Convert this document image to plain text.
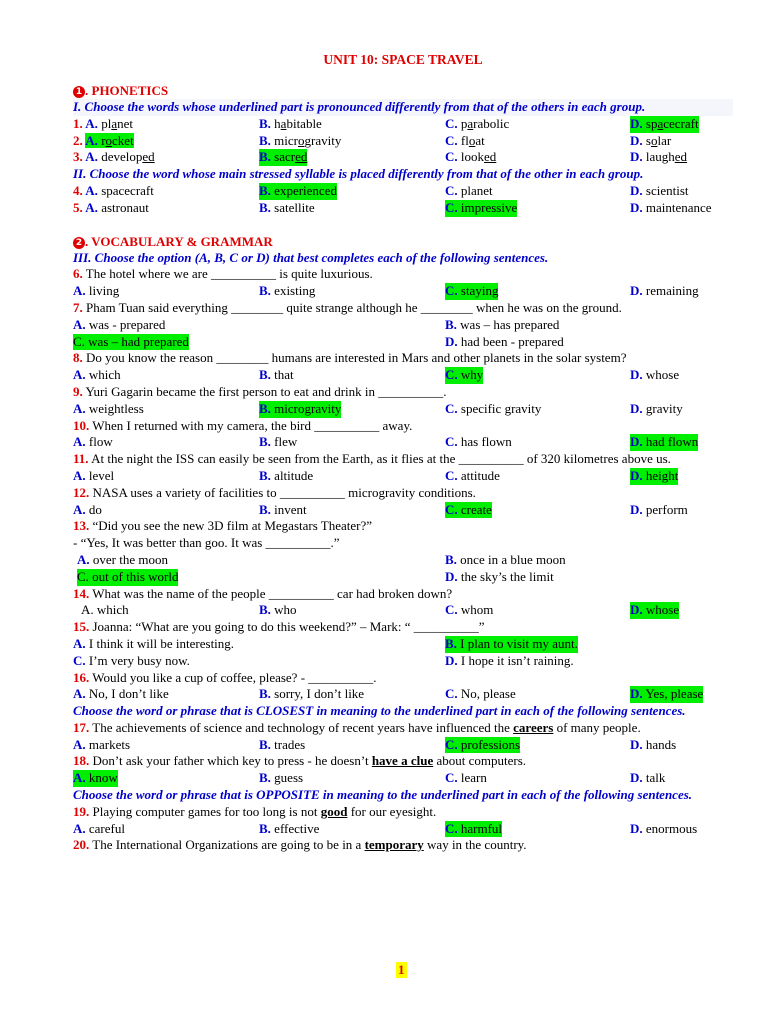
UNIT 10: SPACE TRAVEL
1 . PHONETICS
I. Choose the words whose underlined part is pronounced differently from that of the others in each group.
1. A. planet	B. habitable	C. parabolic	D. spacecraft
2. A. rocket	B. microgravity	C. float	D. solar
3. A. developed	B. sacred	C. looked	D. laughed
II. Choose the word whose main stressed syllable is placed differently from that of the other in each group.
4. A. spacecraft	B. experienced	C. planet	D. scientist
5. A. astronaut	B. satellite	C. impressive	D. maintenance
2 . VOCABULARY & GRAMMAR
III. Choose the option (A, B, C or D) that best completes each of the following sentences.
6. The hotel where we are __________ is quite luxurious.
A. living	B. existing	C. staying	D. remaining
7. Pham Tuan said everything ________ quite strange although he ________ when he was on the ground.
A. was - prepared	B. was – has prepared
C. was – had prepared	D. had been - prepared
8. Do you know the reason ________ humans are interested in Mars and other planets in the solar system?
A. which	B. that	C. why	D. whose
9. Yuri Gagarin became the first person to eat and drink in __________.
A. weightless	B. microgravity	C. specific gravity	D. gravity
10. When I returned with my camera, the bird __________ away.
A. flow	B. flew	C. has flown	D. had flown
11. At the night the ISS can easily be seen from the Earth, as it flies at the __________ of 320 kilometres above us.
A. level	B. altitude	C. attitude	D. height
12. NASA uses a variety of facilities to __________ microgravity conditions.
A. do	B. invent	C. create	D. perform
13. “Did you see the new 3D film at Megastars Theater?”
- “Yes, It was better than goo. It was __________.”
A. over the moon	B. once in a blue moon
C. out of this world	D. the sky’s the limit
14. What was the name of the people __________ car had broken down?
A. which	B. who	C. whom	D. whose
15. Joanna: “What are you going to do this weekend?” – Mark: “ __________”
A. I think it will be interesting.	B. I plan to visit my aunt.
C. I’m very busy now.	D. I hope it isn’t raining.
16. Would you like a cup of coffee, please? - __________.
A. No, I don’t like	B. sorry, I don’t like	C. No, please	D. Yes, please
Choose the word or phrase that is CLOSEST in meaning to the underlined part in each of the following sentences.
17. The achievements of science and technology of recent years have influenced the careers of many people.
A. markets	B. trades	C. professions	D. hands
18. Don’t ask your father which key to press - he doesn’t have a clue about computers.
A. know	B. guess	C. learn	D. talk
Choose the word or phrase that is OPPOSITE in meaning to the underlined part in each of the following sentences.
19. Playing computer games for too long is not good for our eyesight.
A. careful	B. effective	C. harmful	D. enormous
20. The International Organizations are going to be in a temporary way in the country.
1
